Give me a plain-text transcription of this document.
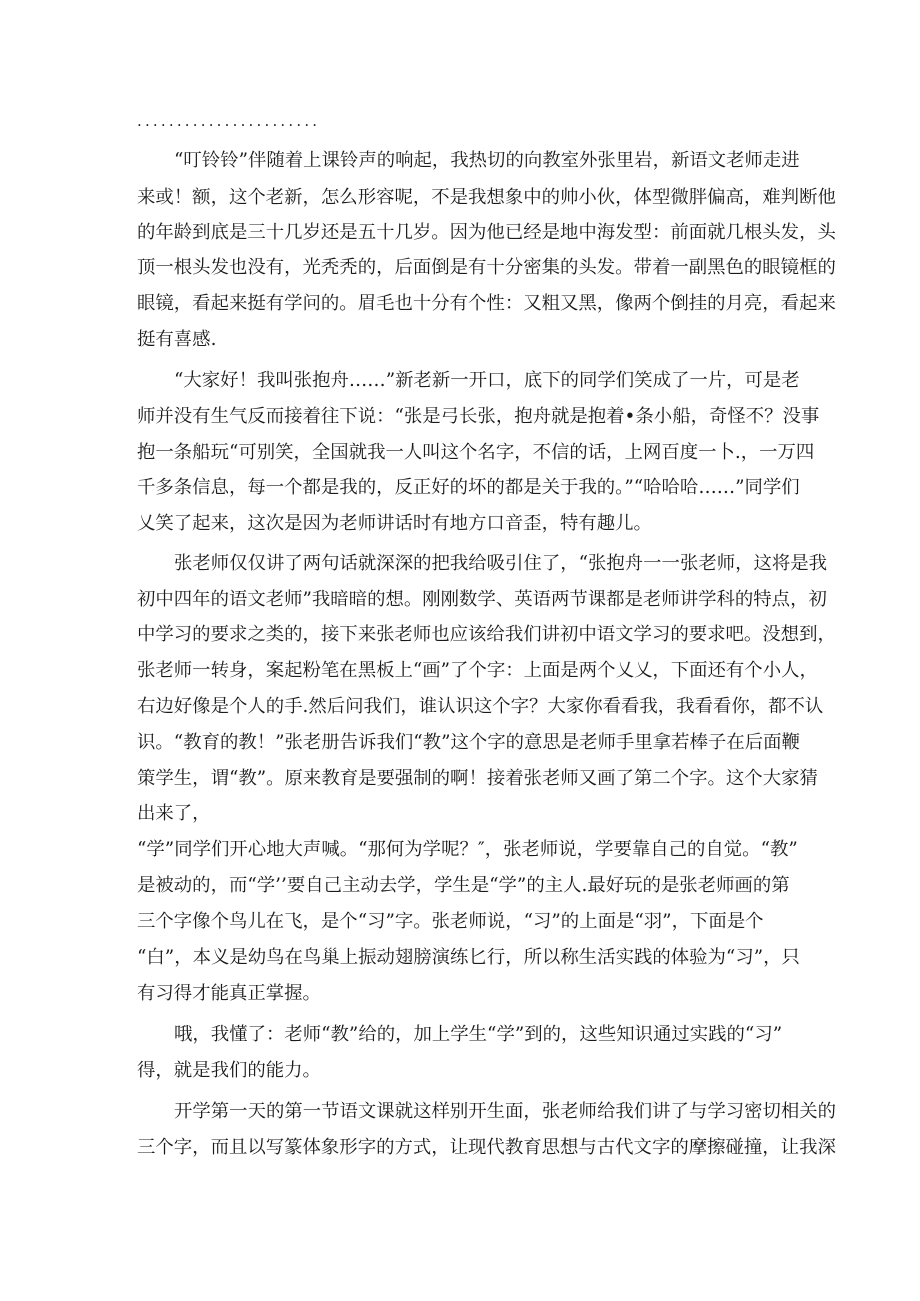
.......................
“叮铃铃”伴随着上课铃声的响起，我热切的向教室外张里岩，新语文老师走进
来或！额，这个老新，怎么形容呢，不是我想象中的帅小伙，体型微胖偏高，难判断他
的年龄到底是三十几岁还是五十几岁。因为他已经是地中海发型：前面就几根头发，头
顶一根头发也没有，光秃秃的，后面倒是有十分密集的头发。带着一副黑色的眼镜框的
眼镜，看起来挺有学问的。眉毛也十分有个性：又粗又黑，像两个倒挂的月亮，看起来
挺有喜感.
“大家好！我叫张抱舟……”新老新一开口，底下的同学们笑成了一片，可是老
师并没有生气反而接着往下说：“张是弓长张，抱舟就是抱着•条小船，奇怪不？没事
抱一条船玩“可别笑，全国就我一人叫这个名字，不信的话，上网百度一卜.，一万四
千多条信息，每一个都是我的，反正好的坏的都是关于我的。”“哈哈哈……”同学们
乂笑了起来，这次是因为老师讲话时有地方口音歪，特有趣儿。
张老师仅仅讲了两句话就深深的把我给吸引住了，“张抱舟一一张老师，这将是我
初中四年的语文老师”我暗暗的想。刚刚数学、英语两节课都是老师讲学科的特点，初
中学习的要求之类的，接下来张老师也应该给我们讲初中语文学习的要求吧。没想到，
张老师一转身，案起粉笔在黑板上“画”了个字：上面是两个乂乂，下面还有个小人，
右边好像是个人的手.然后问我们，谁认识这个字？大家你看看我，我看看你，都不认
识。“教育的教！”张老册告诉我们“教”这个字的意思是老师手里拿若棒子在后面鞭
策学生，谓“教”。原来教育是要强制的啊！接着张老师又画了第二个字。这个大家猜
出来了，
“学”同学们开心地大声喊。“那何为学呢？″，张老师说，学要靠自己的自觉。“教”
是被动的，而“学’’要自己主动去学，学生是“学”的主人.最好玩的是张老师画的第
三个字像个鸟儿在飞，是个“习”字。张老师说，“习”的上面是“羽”，下面是个
“白”，本义是幼鸟在鸟巢上振动翅膀演练匕行，所以称生活实践的体验为“习”，只
有习得才能真正掌握。
哦，我懂了：老师“教”给的，加上学生“学”到的，这些知识通过实践的“习”
得，就是我们的能力。
开学第一天的第一节语文课就这样别开生面，张老师给我们讲了与学习密切相关的
三个字，而且以写篆体象形字的方式，让现代教育思想与古代文字的摩擦碰撞，让我深
